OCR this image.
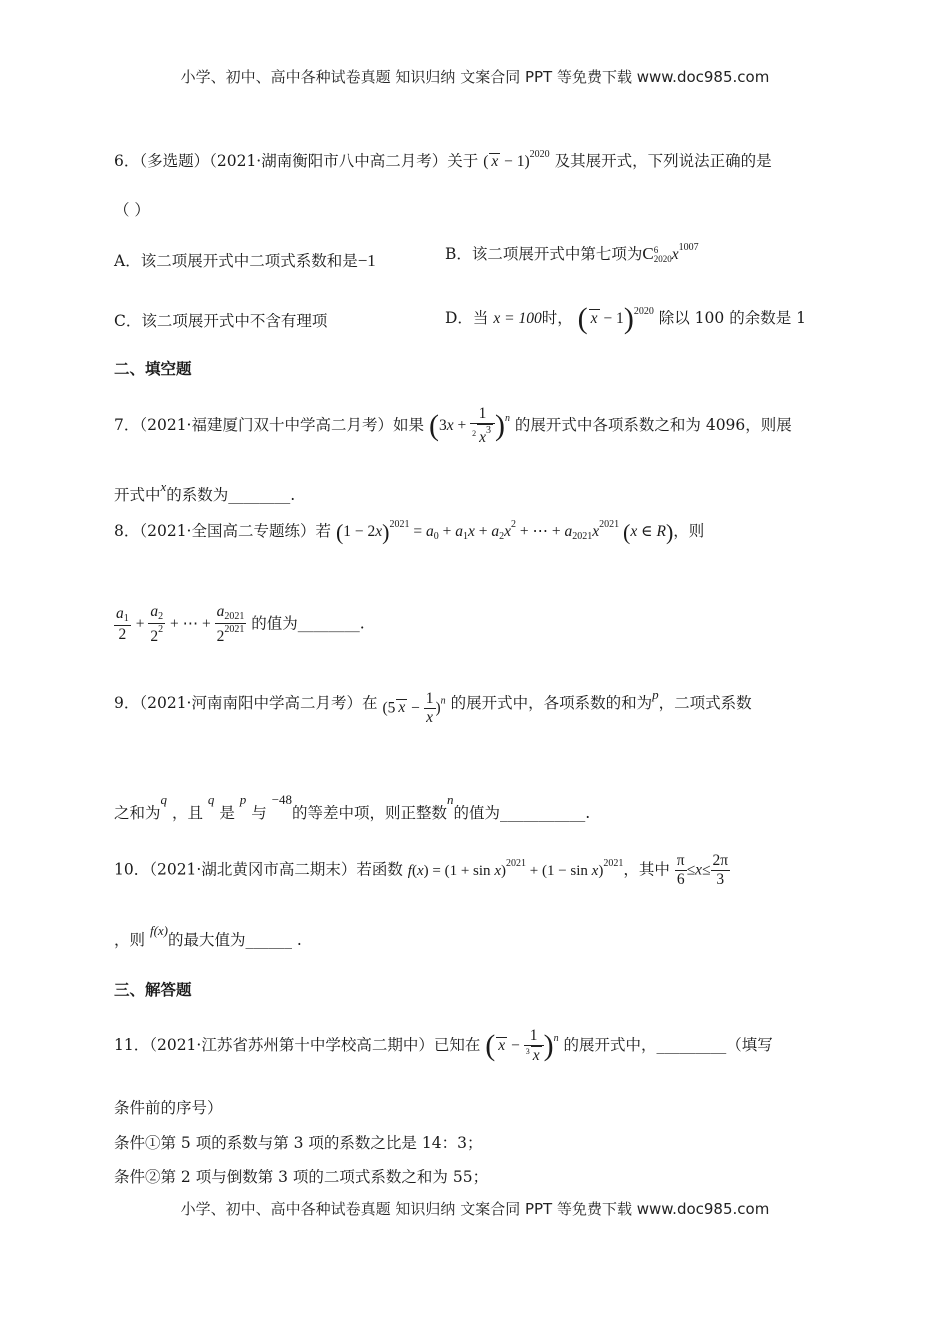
小学、初中、高中各种试卷真题 知识归纳 文案合同 PPT 等免费下载 www.doc985.com
6．（多选题）（2021·湖南衡阳市八中高二月考）关于 ( x − 1)$^{2020}$ 及其展开式，下列说法正确的是
（ ）
A．该二项展开式中二项式系数和是−1	B．该二项展开式中第七项为C 6
2020 $x^{1007}$
C．该二项展开式中不含有理项	D．当 x = 100时， ( x − 1)$^{2020}$ 除以 100 的余数是 1
二、填空题
7．（2021·福建厦门双十中学高二月考）如果 $(3x + \frac{1}{^2 x^3} )^n$ 的展开式中各项系数之和为 4096，则展
开式中$^x$的系数为________.
8．（2021·全国高二专题练）若 $(1 - 2x)^{2021} = a_0 + a_1x + a_2x^2$ + ⋯ + $a_{2021}x^{2021}$ (x ∈ R)，则
$\frac{a_1}{2} + \frac{a_2}{2^2}$ + ⋯ + $\frac{a_{2021}}{2^{2021}}$ 的值为________.
9．（2021·河南南阳中学高二月考）在 (5 $x - \frac{1}{x} )^n$ 的展开式中，各项系数的和为$^p$，二项式系数
之和为$^q$ ，且 $^q$ 是 $^p$ 与 $^{-48}$的等差中项，则正整数$^n$的值为___________.
10．（2021·湖北黄冈市高二期末）若函数 $f(x) = (1 + \sin x)^{2021} + (1 - \sin x)^{2021}$，其中 $\frac{\pi}{6} \le x\le \frac{2\pi}{3}$
，则 $^{f(x)}$的最大值为______ .
三、解答题
11．（2021·江苏省苏州第十中学校高二期中）已知在 ( $x - \frac{1}{^3 x} )^n$ 的展开式中，_________（填写
条件前的序号）
条件①第 5 项的系数与第 3 项的系数之比是 14：3；
条件②第 2 项与倒数第 3 项的二项式系数之和为 55；
小学、初中、高中各种试卷真题 知识归纳 文案合同 PPT 等免费下载 www.doc985.com
